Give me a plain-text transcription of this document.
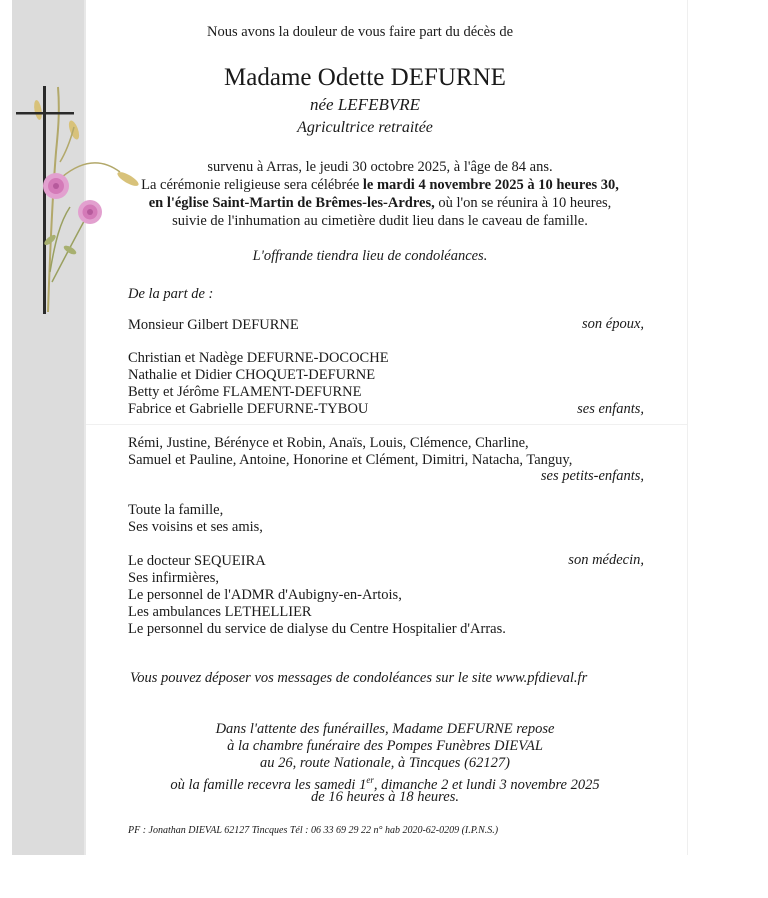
Nous avons la douleur de vous faire part du décès de
Madame Odette DEFURNE
née LEFEBVRE
Agricultrice retraitée
survenu à Arras, le jeudi 30 octobre 2025, à l'âge de 84 ans.
La cérémonie religieuse sera célébrée le mardi 4 novembre 2025 à 10 heures 30,
en l'église Saint-Martin de Brêmes-les-Ardres, où l'on se réunira à 10 heures,
suivie de l'inhumation au cimetière dudit lieu dans le caveau de famille.
L'offrande tiendra lieu de condoléances.
De la part de :
Monsieur Gilbert DEFURNE	son époux,
Christian et Nadège DEFURNE-DOCOCHE
Nathalie et Didier CHOQUET-DEFURNE
Betty et Jérôme FLAMENT-DEFURNE
Fabrice et Gabrielle DEFURNE-TYBOU	ses enfants,
Rémi, Justine, Bérényce et Robin, Anaïs, Louis, Clémence, Charline,
Samuel et Pauline, Antoine, Honorine et Clément, Dimitri, Natacha, Tanguy,
ses petits-enfants,
Toute la famille,
Ses voisins et ses amis,
Le docteur SEQUEIRA	son médecin,
Ses infirmières,
Le personnel de l'ADMR d'Aubigny-en-Artois,
Les ambulances LETHELLIER
Le personnel du service de dialyse du Centre Hospitalier d'Arras.
Vous pouvez déposer vos messages de condoléances sur le site www.pfdieval.fr
Dans l'attente des funérailles, Madame DEFURNE repose
à la chambre funéraire des Pompes Funèbres DIEVAL
au 26, route Nationale, à Tincques (62127)
où la famille recevra les samedi 1er, dimanche 2 et lundi 3 novembre 2025
de 16 heures à 18 heures.
PF : Jonathan DIEVAL 62127 Tincques Tél : 06 33 69 29 22 n° hab 2020-62-0209 (I.P.N.S.)
